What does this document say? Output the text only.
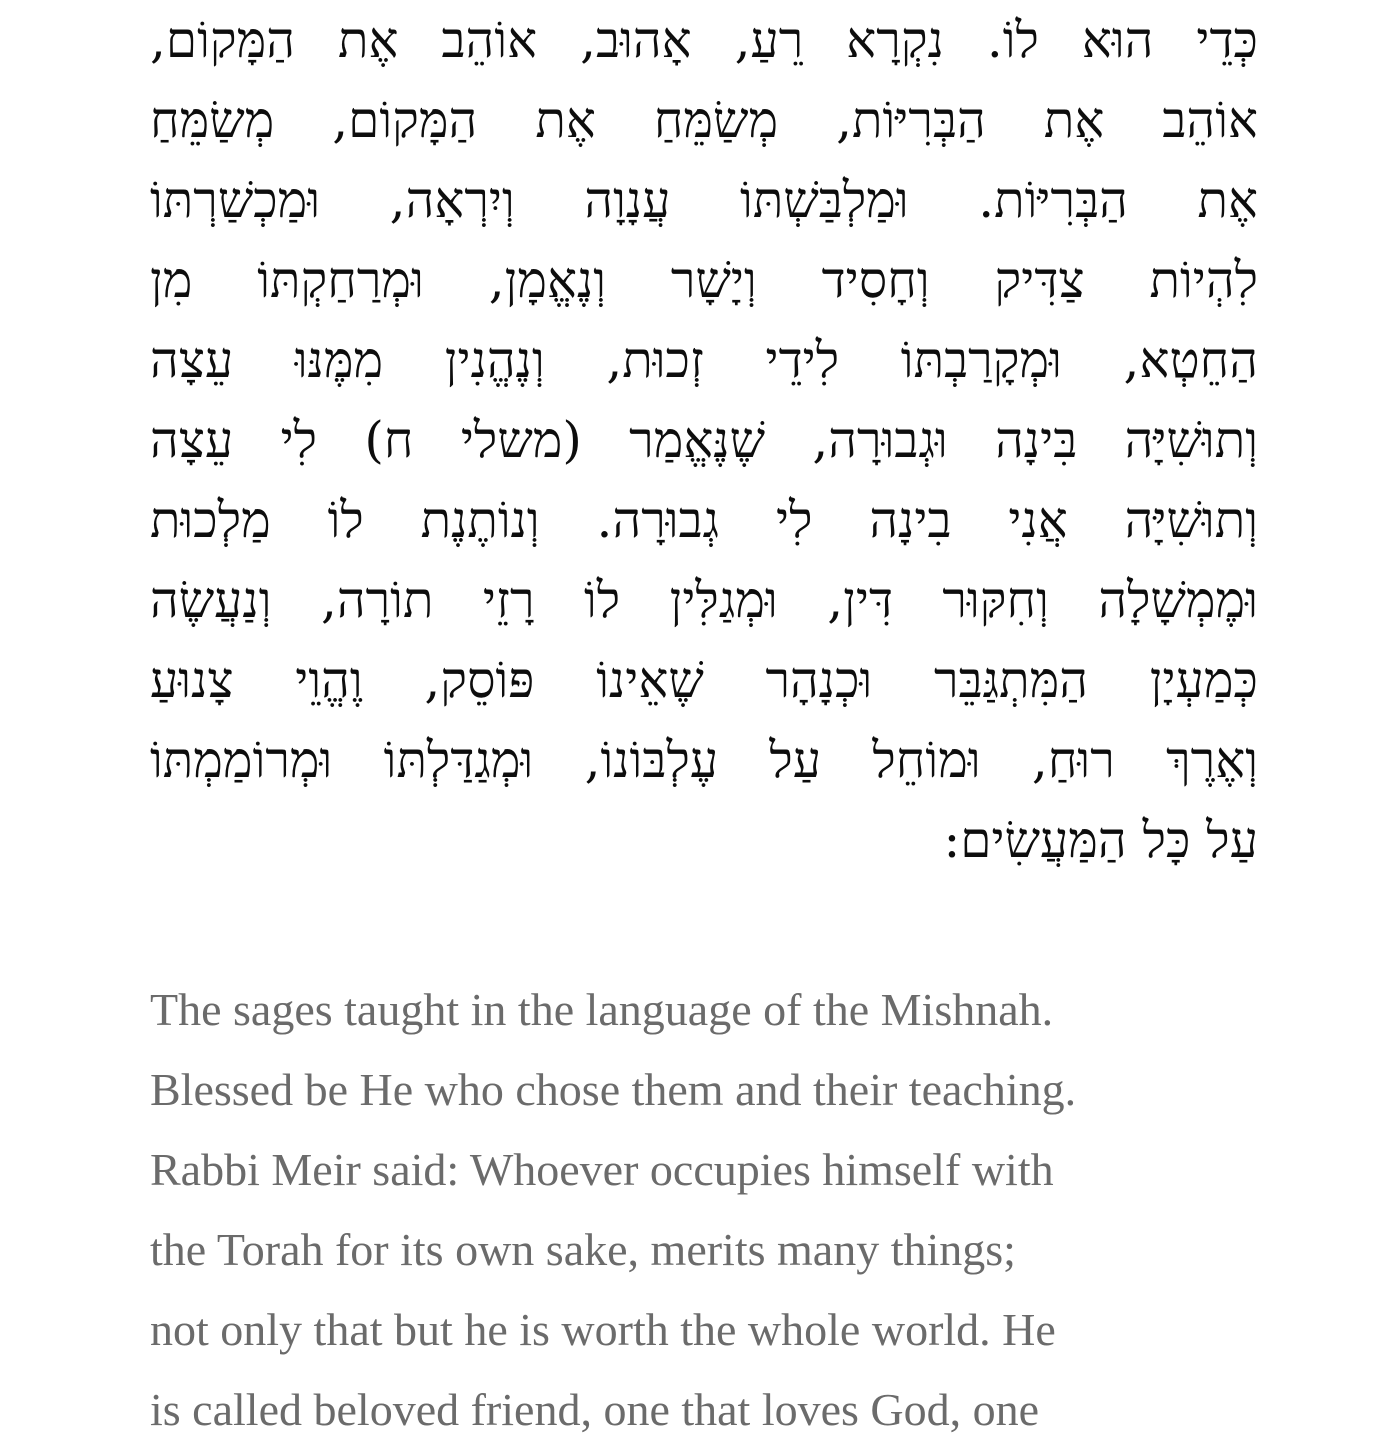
כְּדֵי הוּא לוֹ. נִקְרָא רֵעַ, אָהוּב, אוֹהֵב אֶת הַמָּקוֹם,
אוֹהֵב אֶת הַבְּרִיּוֹת, מְשַׂמֵּחַ אֶת הַמָּקוֹם, מְשַׂמֵּחַ
אֶת הַבְּרִיּוֹת. וּמַלְבַּשְׁתּוֹ עֲנָוָה וְיִרְאָה, וּמַכְשַׁרְתּוֹ
לִהְיוֹת צַדִּיק וְחָסִיד וְיָשָׁר וְנֶאֱמָן, וּמְרַחַקְתּוֹ מִן
הַחֵטְא, וּמְקָרַבְתּוֹ לִידֵי זְכוּת, וְנֶהֱנִין מִמֶּנּוּ עֵצָה
וְתוּשִׁיָּה בִּינָה וּגְבוּרָה, שֶׁנֶּאֱמַר (משלי ח) לִי עֵצָה
וְתוּשִׁיָּה אֲנִי בִינָה לִי גְבוּרָה. וְנוֹתֶנֶת לוֹ מַלְכוּת
וּמֶמְשָׁלָה וְחִקּוּר דִּין, וּמְגַלִּין לוֹ רָזֵי תוֹרָה, וְנַעֲשֶׂה
כְּמַעְיָן הַמִּתְגַּבֵּר וּכְנָהָר שֶׁאֵינוֹ פּוֹסֵק, וֶהֱוֵי צָנוּעַ
וְאֶרֶךְ רוּחַ, וּמוֹחֵל עַל עֶלְבּוֹנוֹ, וּמְגַדַּלְתּוֹ וּמְרוֹמַמְתּוֹ
עַל כָּל הַמַּעֲשִׂים:
The sages taught in the language of the Mishnah.
Blessed be He who chose them and their teaching.
Rabbi Meir said: Whoever occupies himself with
the Torah for its own sake, merits many things;
not only that but he is worth the whole world. He
is called beloved friend, one that loves God, one
